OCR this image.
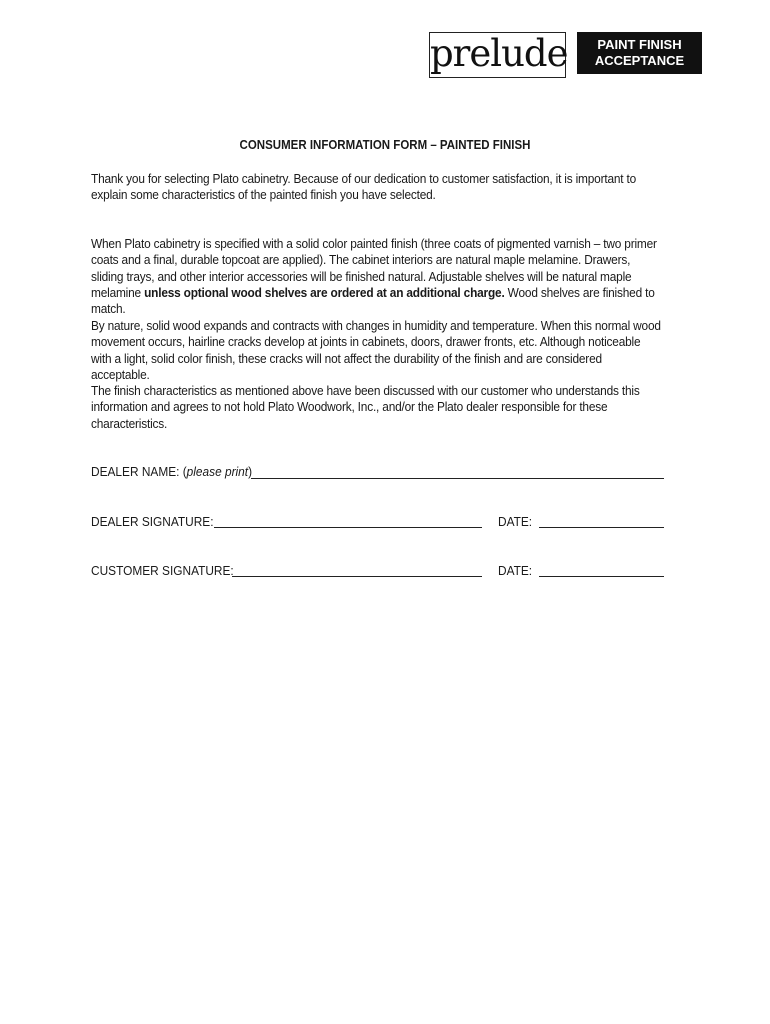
prelude	PAINT FINISH
ACCEPTANCE
CONSUMER INFORMATION FORM – PAINTED FINISH
Thank you for selecting Plato cabinetry. Because of our dedication to customer satisfaction, it is important to explain some characteristics of the painted finish you have selected.
When Plato cabinetry is specified with a solid color painted finish (three coats of pigmented varnish – two primer coats and a final, durable topcoat are applied). The cabinet interiors are natural maple melamine. Drawers, sliding trays, and other interior accessories will be finished natural. Adjustable shelves will be natural maple melamine unless optional wood shelves are ordered at an additional charge. Wood shelves are finished to match.
By nature, solid wood expands and contracts with changes in humidity and temperature. When this normal wood movement occurs, hairline cracks develop at joints in cabinets, doors, drawer fronts, etc. Although noticeable with a light, solid color finish, these cracks will not affect the durability of the finish and are considered acceptable.
The finish characteristics as mentioned above have been discussed with our customer who understands this information and agrees to not hold Plato Woodwork, Inc., and/or the Plato dealer responsible for these characteristics.
DEALER NAME: (please print)
DEALER SIGNATURE:	DATE:
CUSTOMER SIGNATURE:	DATE:
